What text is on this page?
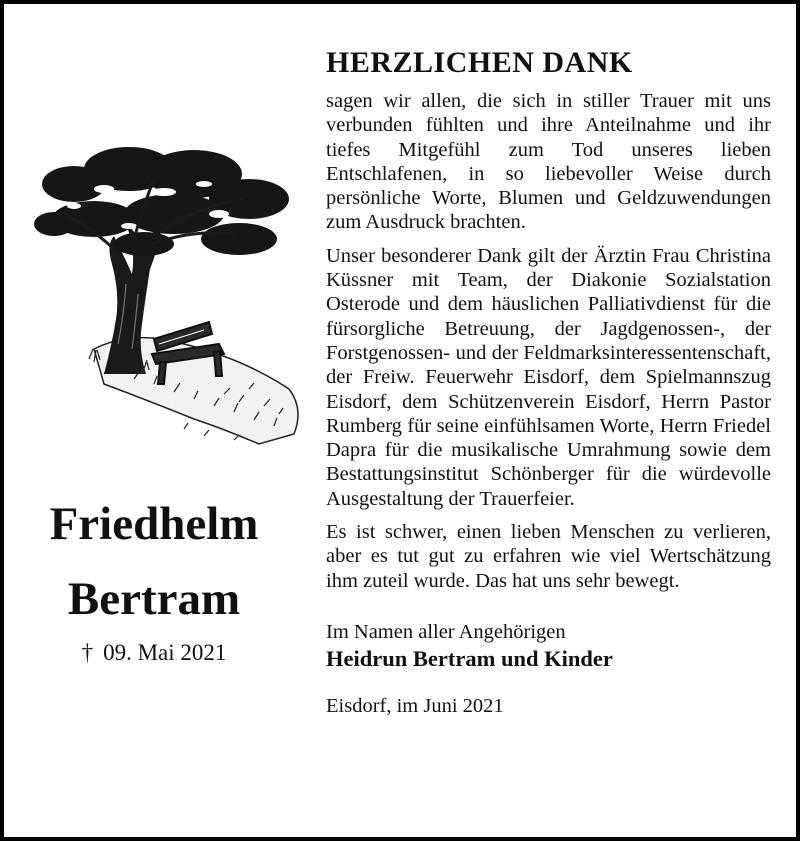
Friedhelm
Bertram
† 09. Mai 2021
HERZLICHEN DANK

sagen wir allen, die sich in stiller Trauer mit uns verbunden fühlten und ihre Anteilnahme und ihr tiefes Mitgefühl zum Tod unseres lieben Entschlafenen, in so liebevoller Weise durch persönliche Worte, Blumen und Geldzuwendungen zum Ausdruck brachten.

Unser besonderer Dank gilt der Ärztin Frau Christina Küssner mit Team, der Diakonie Sozialstation Osterode und dem häuslichen Palliativdienst für die fürsorgliche Betreuung, der Jagdgenossen-, der Forstgenossen- und der Feldmarksinteressentenschaft, der Freiw. Feuerwehr Eisdorf, dem Spielmannszug Eisdorf, dem Schützenverein Eisdorf, Herrn Pastor Rumberg für seine einfühlsamen Worte, Herrn Friedel Dapra für die musikalische Umrahmung sowie dem Bestattungsinstitut Schönberger für die würdevolle Ausgestaltung der Trauerfeier.

Es ist schwer, einen lieben Menschen zu verlieren, aber es tut gut zu erfahren wie viel Wertschätzung ihm zuteil wurde. Das hat uns sehr bewegt.

Im Namen aller Angehörigen

Heidrun Bertram und Kinder

Eisdorf, im Juni 2021
